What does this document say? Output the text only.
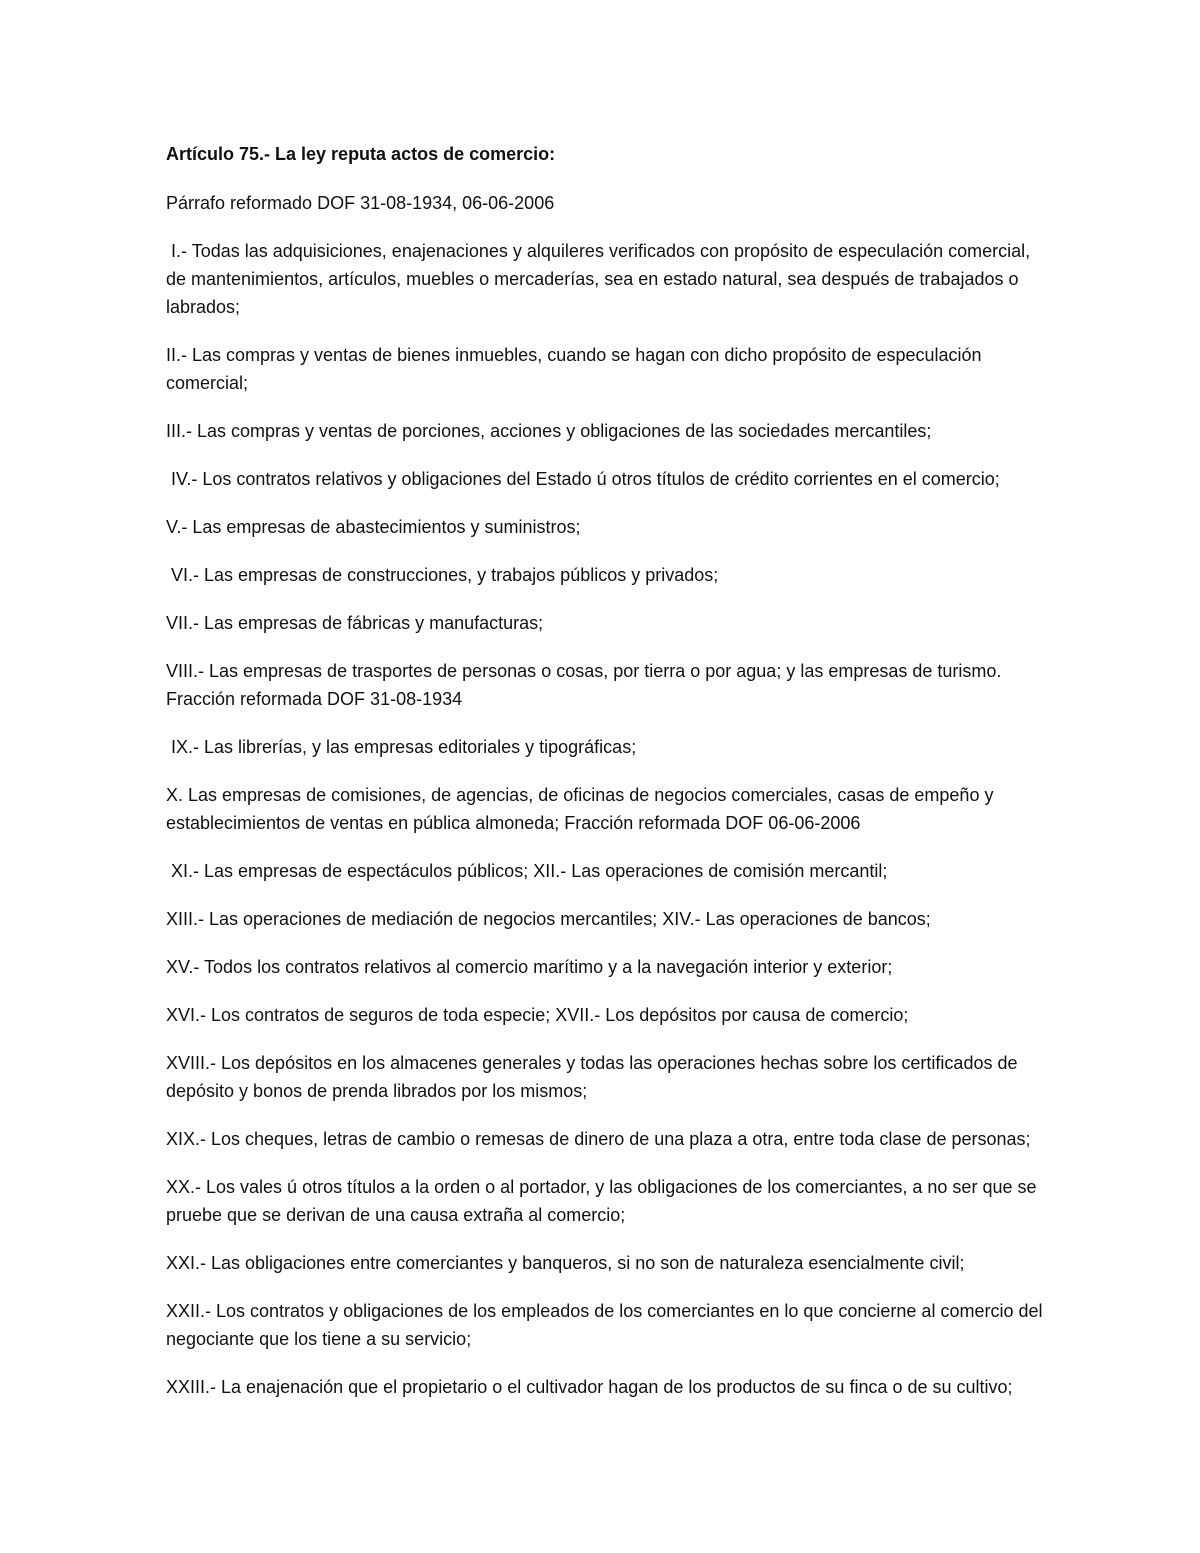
Artículo 75.- La ley reputa actos de comercio:
Párrafo reformado DOF 31-08-1934, 06-06-2006
I.- Todas las adquisiciones, enajenaciones y alquileres verificados con propósito de especulación comercial, de mantenimientos, artículos, muebles o mercaderías, sea en estado natural, sea después de trabajados o labrados;
II.- Las compras y ventas de bienes inmuebles, cuando se hagan con dicho propósito de especulación comercial;
III.- Las compras y ventas de porciones, acciones y obligaciones de las sociedades mercantiles;
IV.- Los contratos relativos y obligaciones del Estado ú otros títulos de crédito corrientes en el comercio;
V.- Las empresas de abastecimientos y suministros;
VI.- Las empresas de construcciones, y trabajos públicos y privados;
VII.- Las empresas de fábricas y manufacturas;
VIII.- Las empresas de trasportes de personas o cosas, por tierra o por agua; y las empresas de turismo. Fracción reformada DOF 31-08-1934
IX.- Las librerías, y las empresas editoriales y tipográficas;
X. Las empresas de comisiones, de agencias, de oficinas de negocios comerciales, casas de empeño y establecimientos de ventas en pública almoneda; Fracción reformada DOF 06-06-2006
XI.- Las empresas de espectáculos públicos; XII.- Las operaciones de comisión mercantil;
XIII.- Las operaciones de mediación de negocios mercantiles; XIV.- Las operaciones de bancos;
XV.- Todos los contratos relativos al comercio marítimo y a la navegación interior y exterior;
XVI.- Los contratos de seguros de toda especie; XVII.- Los depósitos por causa de comercio;
XVIII.- Los depósitos en los almacenes generales y todas las operaciones hechas sobre los certificados de depósito y bonos de prenda librados por los mismos;
XIX.- Los cheques, letras de cambio o remesas de dinero de una plaza a otra, entre toda clase de personas;
XX.- Los vales ú otros títulos a la orden o al portador, y las obligaciones de los comerciantes, a no ser que se pruebe que se derivan de una causa extraña al comercio;
XXI.- Las obligaciones entre comerciantes y banqueros, si no son de naturaleza esencialmente civil;
XXII.- Los contratos y obligaciones de los empleados de los comerciantes en lo que concierne al comercio del negociante que los tiene a su servicio;
XXIII.- La enajenación que el propietario o el cultivador hagan de los productos de su finca o de su cultivo;
